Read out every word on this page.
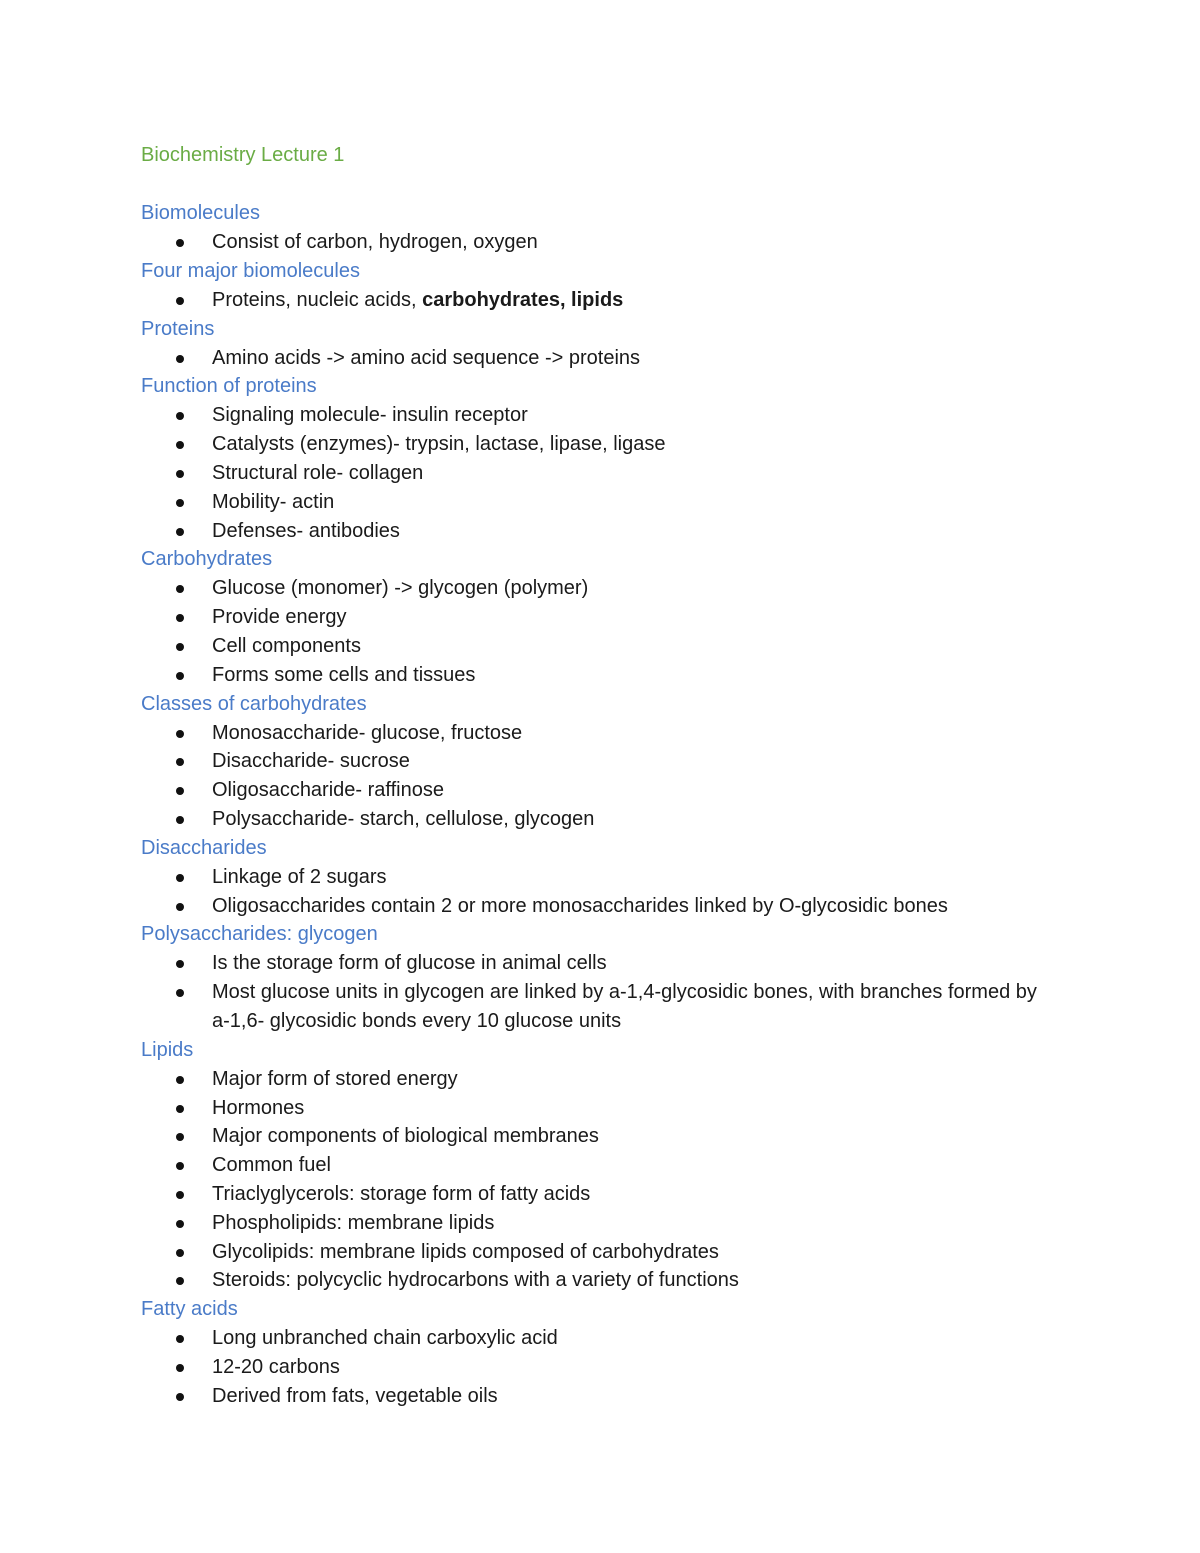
Biochemistry Lecture 1
Biomolecules
Consist of carbon, hydrogen, oxygen
Four major biomolecules
Proteins, nucleic acids, carbohydrates, lipids
Proteins
Amino acids -> amino acid sequence -> proteins
Function of proteins
Signaling molecule- insulin receptor
Catalysts (enzymes)- trypsin, lactase, lipase, ligase
Structural role- collagen
Mobility- actin
Defenses- antibodies
Carbohydrates
Glucose (monomer) -> glycogen (polymer)
Provide energy
Cell components
Forms some cells and tissues
Classes of carbohydrates
Monosaccharide- glucose, fructose
Disaccharide- sucrose
Oligosaccharide- raffinose
Polysaccharide- starch, cellulose, glycogen
Disaccharides
Linkage of 2 sugars
Oligosaccharides contain 2 or more monosaccharides linked by O-glycosidic bones
Polysaccharides: glycogen
Is the storage form of glucose in animal cells
Most glucose units in glycogen are linked by a-1,4-glycosidic bones, with branches formed by a-1,6- glycosidic bonds every 10 glucose units
Lipids
Major form of stored energy
Hormones
Major components of biological membranes
Common fuel
Triaclyglycerols: storage form of fatty acids
Phospholipids: membrane lipids
Glycolipids: membrane lipids composed of carbohydrates
Steroids: polycyclic hydrocarbons with a variety of functions
Fatty acids
Long unbranched chain carboxylic acid
12-20 carbons
Derived from fats, vegetable oils
